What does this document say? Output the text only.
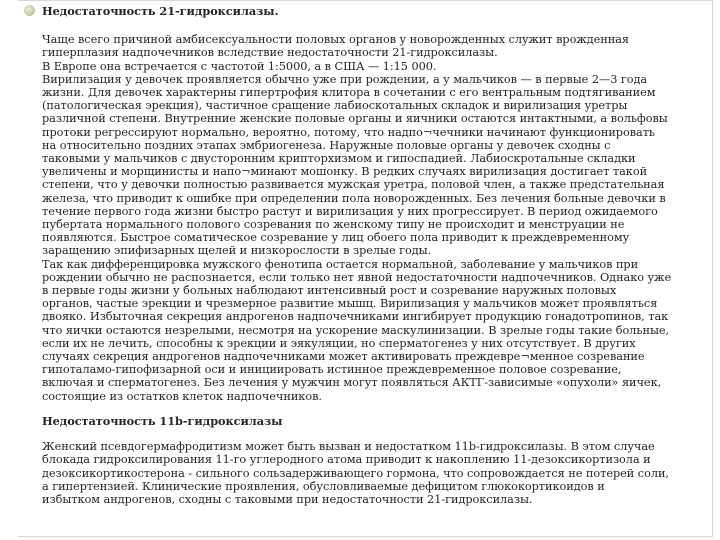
Недостаточность 21-гидроксилазы.

Чаще всего причиной амбисексуальности половых органов у новорожденных служит врожденная
гиперплазия надпочечников вследствие недостаточности 21-гидроксилазы.
В Европе она встречается с частотой 1:5000, а в США — 1:15 000.
Вирилизация у девочек проявляется обычно уже при рождении, а у мальчиков — в первые 2—3 года
жизни. Для девочек характерны гипертрофия клитора в сочетании с его вентральным подтягиванием
(патологическая эрекция), частичное сращение лабиоскотальных складок и вирилизация уретры
различной степени. Внутренние женские половые органы и яичники остаются интактными, а вольфовы
протоки регрессируют нормально, вероятно, потому, что надпо¬чечники начинают функционировать
на относительно поздних этапах эмбриогенеза. Наружные половые органы у девочек сходны с
таковыми у мальчиков с двусторонним крипторхизмом и гипоспадией. Лабиоскротальные складки
увеличены и морщинисты и напо¬минают мошонку. В редких случаях вирилизация достигает такой
степени, что у девочки полностью развивается мужская уретра, половой член, а также предстательная
железа, что приводит к ошибке при определении пола новорожденных. Без лечения больные девочки в
течение первого года жизни быстро растут и вирилизация у них прогрессирует. В период ожидаемого
пубертата нормального полового созревания по женскому типу не происходит и менструации не
появляются. Быстрое соматическое созревание у лиц обоего пола приводит к преждевременному
заращению эпифизарных щелей и низкорослости в зрелые годы.
Так как дифференцировка мужского фенотипа остается нормальной, заболевание у мальчиков при
рождении обычно не распознается, если только нет явной недостаточности надпочечников. Однако уже
в первые годы жизни у больных наблюдают интенсивный рост и созревание наружных половых
органов, частые эрекции и чрезмерное развитие мышц. Вирилизация у мальчиков может проявляться
двояко. Избыточная секреция андрогенов надпочечниками ингибирует продукцию гонадотропинов, так
что яички остаются незрелыми, несмотря на ускорение маскулинизации. В зрелые годы такие больные,
если их не лечить, способны к эрекции и эякуляции, но сперматогенез у них отсутствует. В других
случаях секреция андрогенов надпочечниками может активировать преждевре¬менное созревание
гипоталамо-гипофизарной оси и инициировать истинное преждевременное половое созревание,
включая и сперматогенез. Без лечения у мужчин могут появляться АКТГ-зависимые «опухоли» яичек,
состоящие из остатков клеток надпочечников.

Недостаточность 11b-гидроксилазы

Женский псевдогермафродитизм может быть вызван и недостатком 11b-гидроксилазы. В этом случае
блокада гидроксилирования 11-го углеродного атома приводит к накоплению 11-дезоксикортизола и
дезоксикортикостерона - сильного сользадерживающего гормона, что сопровождается не потерей соли,
а гипертензией. Клинические проявления, обусловливаемые дефицитом глюкокортикоидов и
избытком андрогенов, сходны с таковыми при недостаточности 21-гидроксилазы.
